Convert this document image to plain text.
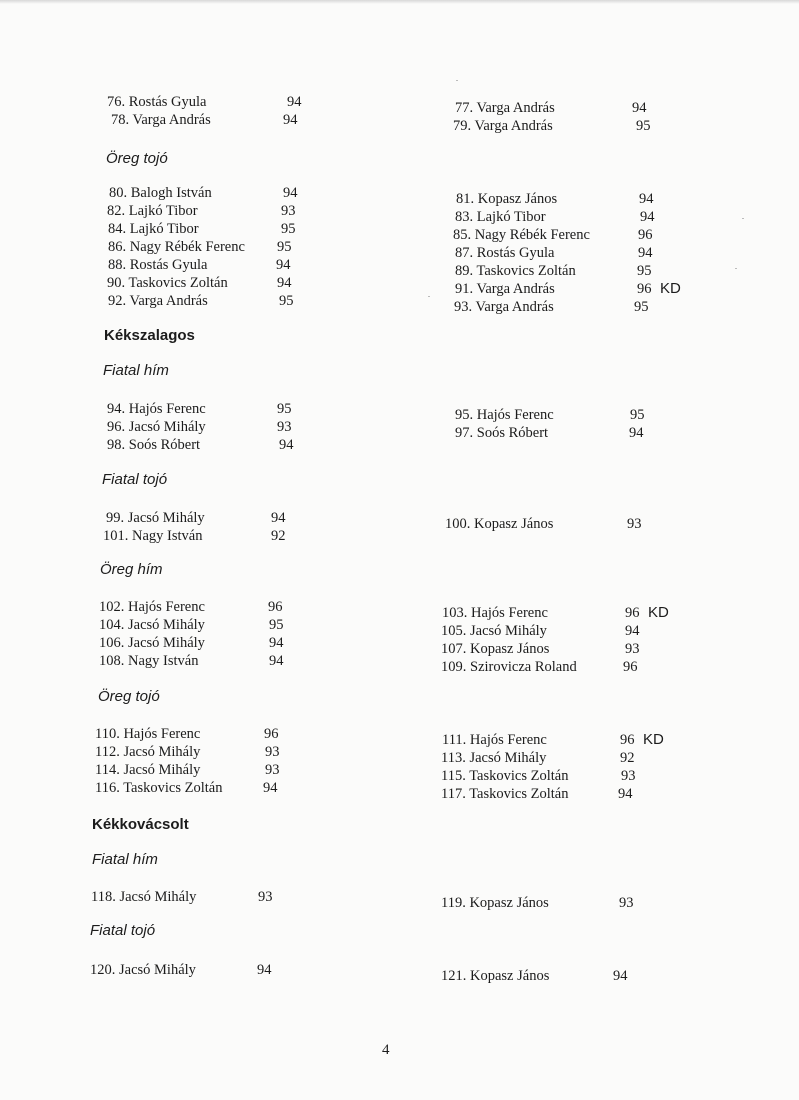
Öreg tojó
Kékszalagos
Fiatal hím
Fiatal tojó
Öreg hím
Öreg tojó
Kékkovácsolt
Fiatal hím
Fiatal tojó
76. Rostás Gyula	94
78. Varga András	94
77. Varga András	94
79. Varga András	95
80. Balogh István	94
82. Lajkó Tibor	93
84. Lajkó Tibor	95
86. Nagy Rébék Ferenc 95
88. Rostás Gyula	94
90. Taskovics Zoltán	94
92. Varga András	95
81. Kopasz János	94
83. Lajkó Tibor	94
85. Nagy Rébék Ferenc	96
87. Rostás Gyula	94
89. Taskovics Zoltán	95
91. Varga András	96 KD
93. Varga András	95
94. Hajós Ferenc	95
96. Jacsó Mihály	93
98. Soós Róbert	94
95. Hajós Ferenc	95
97. Soós Róbert	94
99. Jacsó Mihály	94
101. Nagy István	92
100. Kopasz János	93
102. Hajós Ferenc	96
104. Jacsó Mihály	95
106. Jacsó Mihály	94
108. Nagy István	94
103. Hajós Ferenc	96 KD
105. Jacsó Mihály	94
107. Kopasz János	93
109. Szirovicza Roland	96
110. Hajós Ferenc	96
112. Jacsó Mihály	93
114. Jacsó Mihály	93
116. Taskovics Zoltán	94
111. Hajós Ferenc	96 KD
113. Jacsó Mihály	92
115. Taskovics Zoltán	93
117. Taskovics Zoltán	94
118. Jacsó Mihály	93	119. Kopasz János	93
120. Jacsó Mihály	94	121. Kopasz János	94
4
